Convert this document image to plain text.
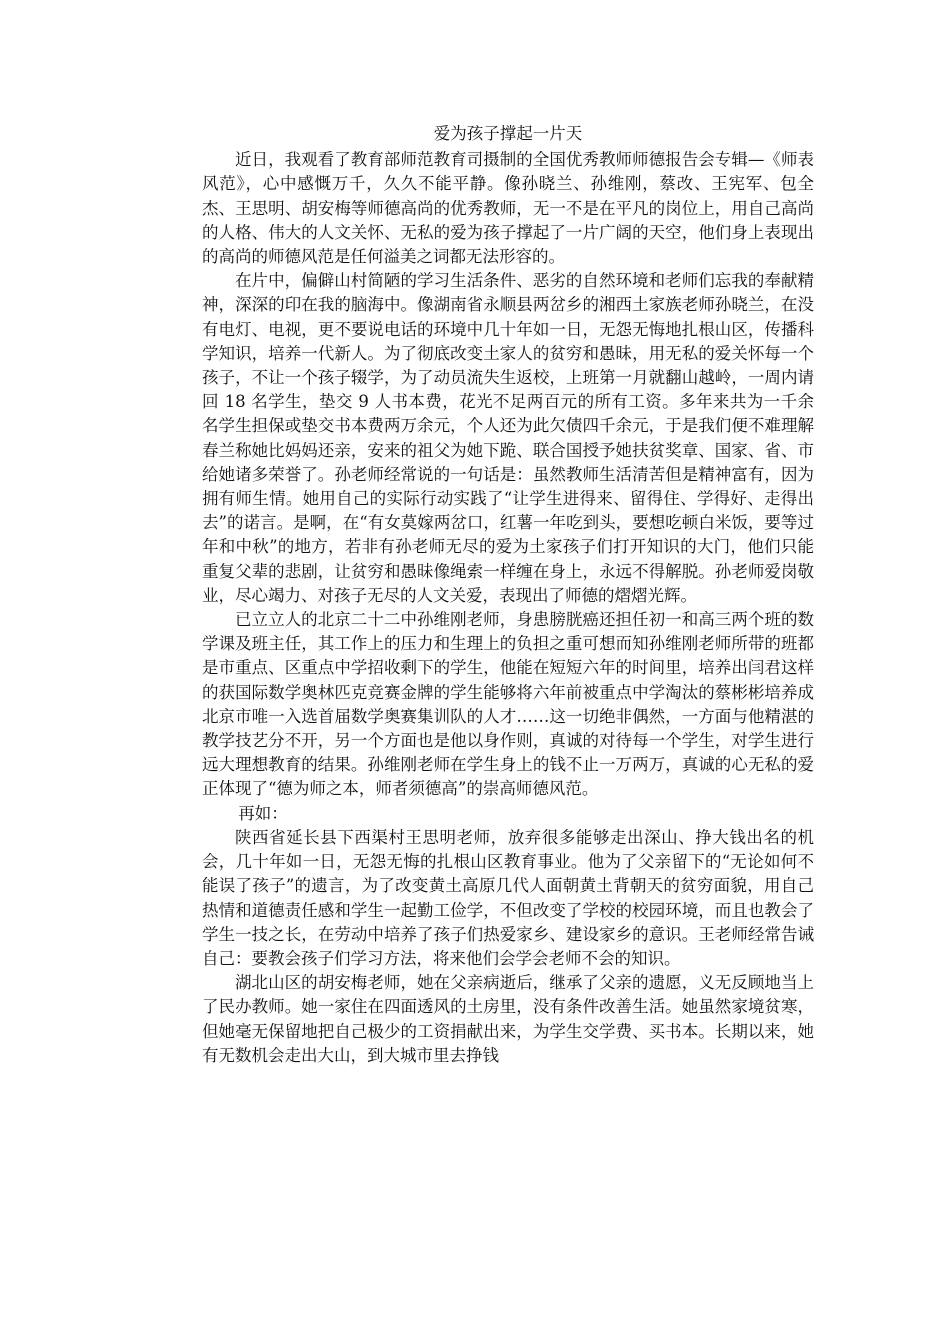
爱为孩子撑起一片天

近日，我观看了教育部师范教育司摄制的全国优秀教师师德报告会专辑—《师表风范》，心中感慨万千，久久不能平静。像孙晓兰、孙维刚，蔡改、王宪军、包全杰、王思明、胡安梅等师德高尚的优秀教师，无一不是在平凡的岗位上，用自己高尚的人格、伟大的人文关怀、无私的爱为孩子撑起了一片广阔的天空，他们身上表现出的高尚的师德风范是任何溢美之词都无法形容的。

在片中，偏僻山村简陋的学习生活条件、恶劣的自然环境和老师们忘我的奉献精神，深深的印在我的脑海中。像湖南省永顺县两岔乡的湘西土家族老师孙晓兰，在没有电灯、电视，更不要说电话的环境中几十年如一日，无怨无悔地扎根山区，传播科学知识，培养一代新人。为了彻底改变土家人的贫穷和愚昧，用无私的爱关怀每一个孩子，不让一个孩子辍学，为了动员流失生返校，上班第一月就翻山越岭，一周内请回 18 名学生，垫交 9 人书本费，花光不足两百元的所有工资。多年来共为一千余名学生担保或垫交书本费两万余元，个人还为此欠债四千余元，于是我们便不难理解春兰称她比妈妈还亲，安来的祖父为她下跪、联合国授予她扶贫奖章、国家、省、市给她诸多荣誉了。孙老师经常说的一句话是：虽然教师生活清苦但是精神富有，因为拥有师生情。她用自己的实际行动实践了“让学生进得来、留得住、学得好、走得出去”的诺言。是啊，在“有女莫嫁两岔口，红薯一年吃到头，要想吃顿白米饭，要等过年和中秋”的地方，若非有孙老师无尽的爱为土家孩子们打开知识的大门，他们只能重复父辈的悲剧，让贫穷和愚昧像绳索一样缠在身上，永远不得解脱。孙老师爱岗敬业，尽心竭力、对孩子无尽的人文关爱，表现出了师德的熠熠光辉。

已立立人的北京二十二中孙维刚老师，身患膀胱癌还担任初一和高三两个班的数学课及班主任，其工作上的压力和生理上的负担之重可想而知孙维刚老师所带的班都是市重点、区重点中学招收剩下的学生，他能在短短六年的时间里，培养出闫君这样的获国际数学奥林匹克竞赛金牌的学生能够将六年前被重点中学淘汰的蔡彬彬培养成北京市唯一入选首届数学奥赛集训队的人才……这一切绝非偶然，一方面与他精湛的教学技艺分不开，另一个方面也是他以身作则，真诚的对待每一个学生，对学生进行远大理想教育的结果。孙维刚老师在学生身上的钱不止一万两万，真诚的心无私的爱正体现了“德为师之本，师者须德高”的崇高师德风范。

再如：

陕西省延长县下西渠村王思明老师，放弃很多能够走出深山、挣大钱出名的机会，几十年如一日，无怨无悔的扎根山区教育事业。他为了父亲留下的“无论如何不能误了孩子”的遗言，为了改变黄土高原几代人面朝黄土背朝天的贫穷面貌，用自己热情和道德责任感和学生一起勤工俭学，不但改变了学校的校园环境，而且也教会了学生一技之长，在劳动中培养了孩子们热爱家乡、建设家乡的意识。王老师经常告诫自己：要教会孩子们学习方法，将来他们会学会老师不会的知识。

湖北山区的胡安梅老师，她在父亲病逝后，继承了父亲的遗愿，义无反顾地当上了民办教师。她一家住在四面透风的土房里，没有条件改善生活。她虽然家境贫寒，但她毫无保留地把自己极少的工资捐献出来，为学生交学费、买书本。长期以来，她有无数机会走出大山，到大城市里去挣钱
